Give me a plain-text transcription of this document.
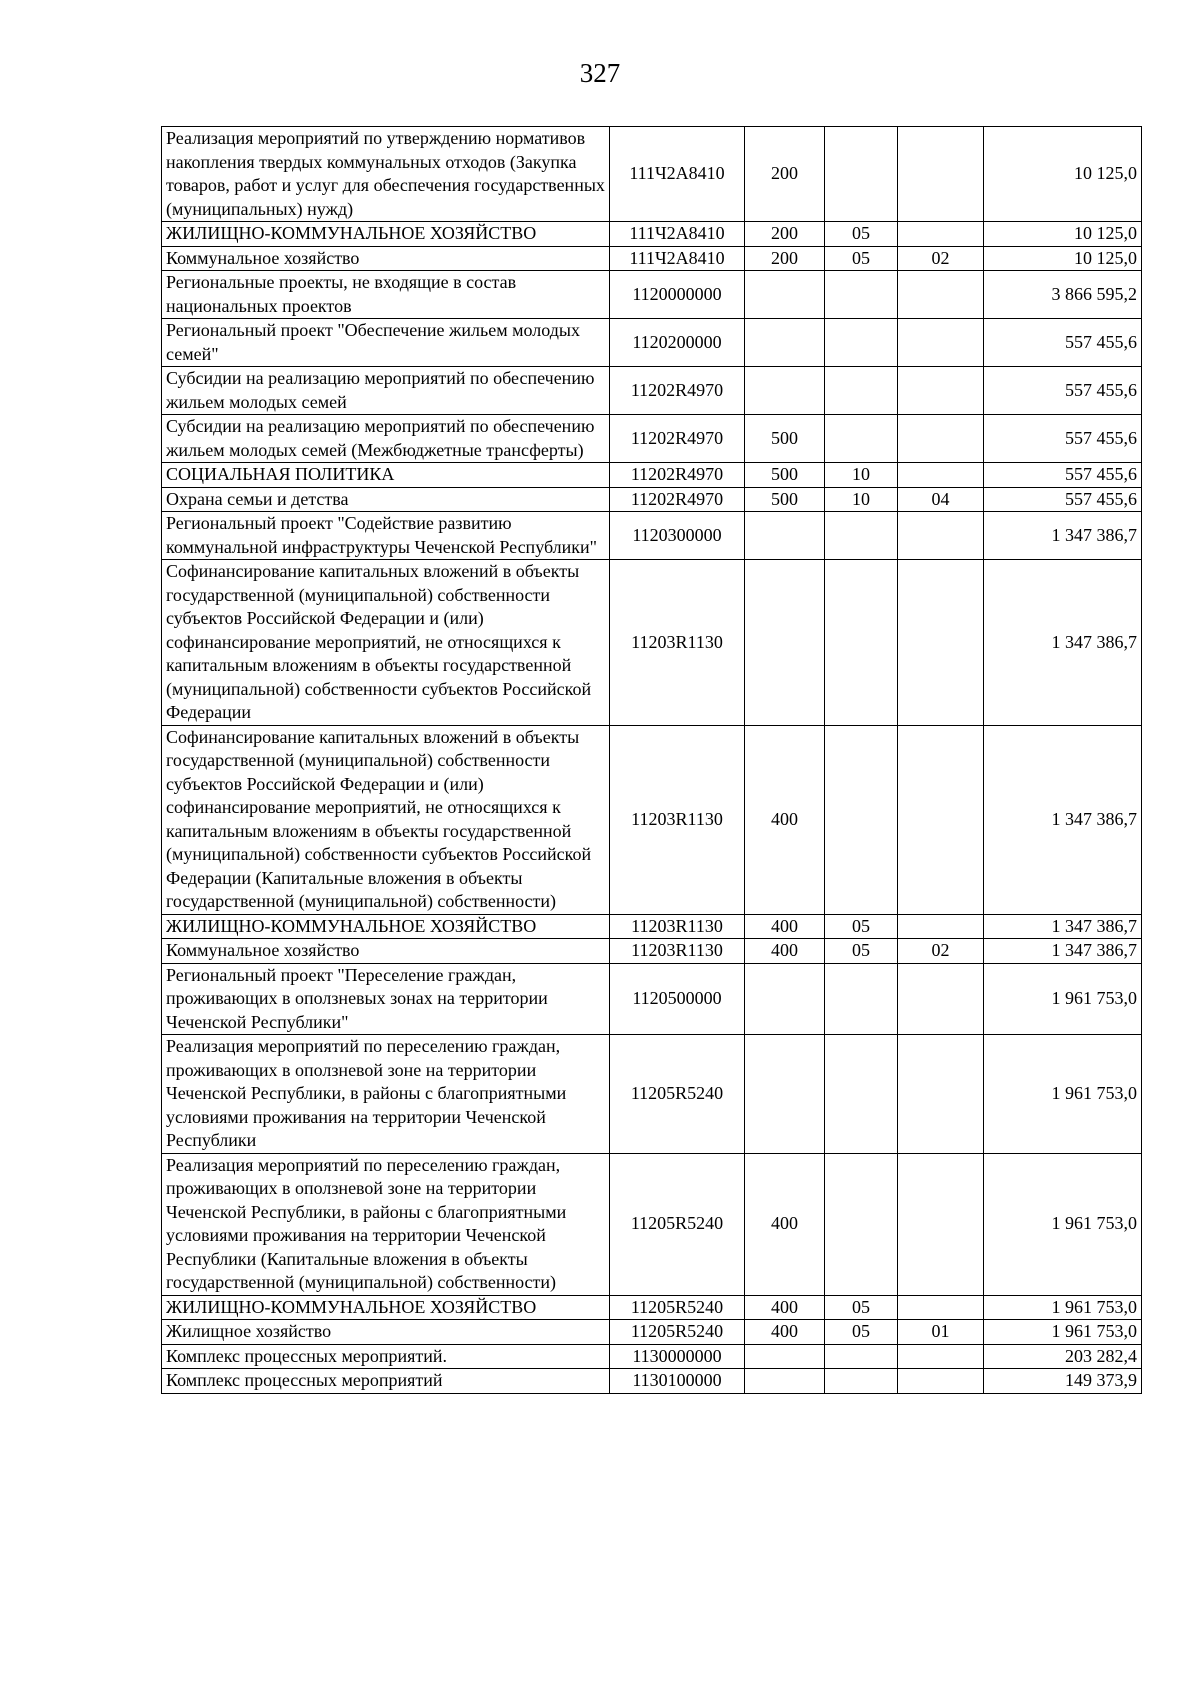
327
Реализация мероприятий по утверждению нормативов накопления твердых коммунальных отходов (Закупка товаров, работ и услуг для обеспечения государственных (муниципальных) нужд)	111Ч2А8410	200			10 125,0
ЖИЛИЩНО-КОММУНАЛЬНОЕ ХОЗЯЙСТВО	111Ч2А8410	200	05		10 125,0
Коммунальное хозяйство	111Ч2А8410	200	05	02	10 125,0
Региональные проекты, не входящие в состав национальных проектов	1120000000				3 866 595,2
Региональный проект "Обеспечение жильем молодых семей"	1120200000				557 455,6
Субсидии на реализацию мероприятий по обеспечению жильем молодых семей	11202R4970				557 455,6
Субсидии на реализацию мероприятий по обеспечению жильем молодых семей (Межбюджетные трансферты)	11202R4970	500			557 455,6
СОЦИАЛЬНАЯ ПОЛИТИКА	11202R4970	500	10		557 455,6
Охрана семьи и детства	11202R4970	500	10	04	557 455,6
Региональный проект "Содействие развитию коммунальной инфраструктуры Чеченской Республики"	1120300000				1 347 386,7
Софинансирование капитальных вложений в объекты государственной (муниципальной) собственности субъектов Российской Федерации и (или) софинансирование мероприятий, не относящихся к капитальным вложениям в объекты государственной (муниципальной) собственности субъектов Российской Федерации	11203R1130				1 347 386,7
Софинансирование капитальных вложений в объекты государственной (муниципальной) собственности субъектов Российской Федерации и (или) софинансирование мероприятий, не относящихся к капитальным вложениям в объекты государственной (муниципальной) собственности субъектов Российской Федерации (Капитальные вложения в объекты государственной (муниципальной) собственности)	11203R1130	400			1 347 386,7
ЖИЛИЩНО-КОММУНАЛЬНОЕ ХОЗЯЙСТВО	11203R1130	400	05		1 347 386,7
Коммунальное хозяйство	11203R1130	400	05	02	1 347 386,7
Региональный проект "Переселение граждан, проживающих в оползневых зонах на территории Чеченской Республики"	1120500000				1 961 753,0
Реализация мероприятий по переселению граждан, проживающих в оползневой зоне на территории Чеченской Республики, в районы с благоприятными условиями проживания на территории Чеченской Республики	11205R5240				1 961 753,0
Реализация мероприятий по переселению граждан, проживающих в оползневой зоне на территории Чеченской Республики, в районы с благоприятными условиями проживания на территории Чеченской Республики (Капитальные вложения в объекты государственной (муниципальной) собственности)	11205R5240	400			1 961 753,0
ЖИЛИЩНО-КОММУНАЛЬНОЕ ХОЗЯЙСТВО	11205R5240	400	05		1 961 753,0
Жилищное хозяйство	11205R5240	400	05	01	1 961 753,0
Комплекс процессных мероприятий.	1130000000				203 282,4
Комплекс процессных мероприятий	1130100000				149 373,9
